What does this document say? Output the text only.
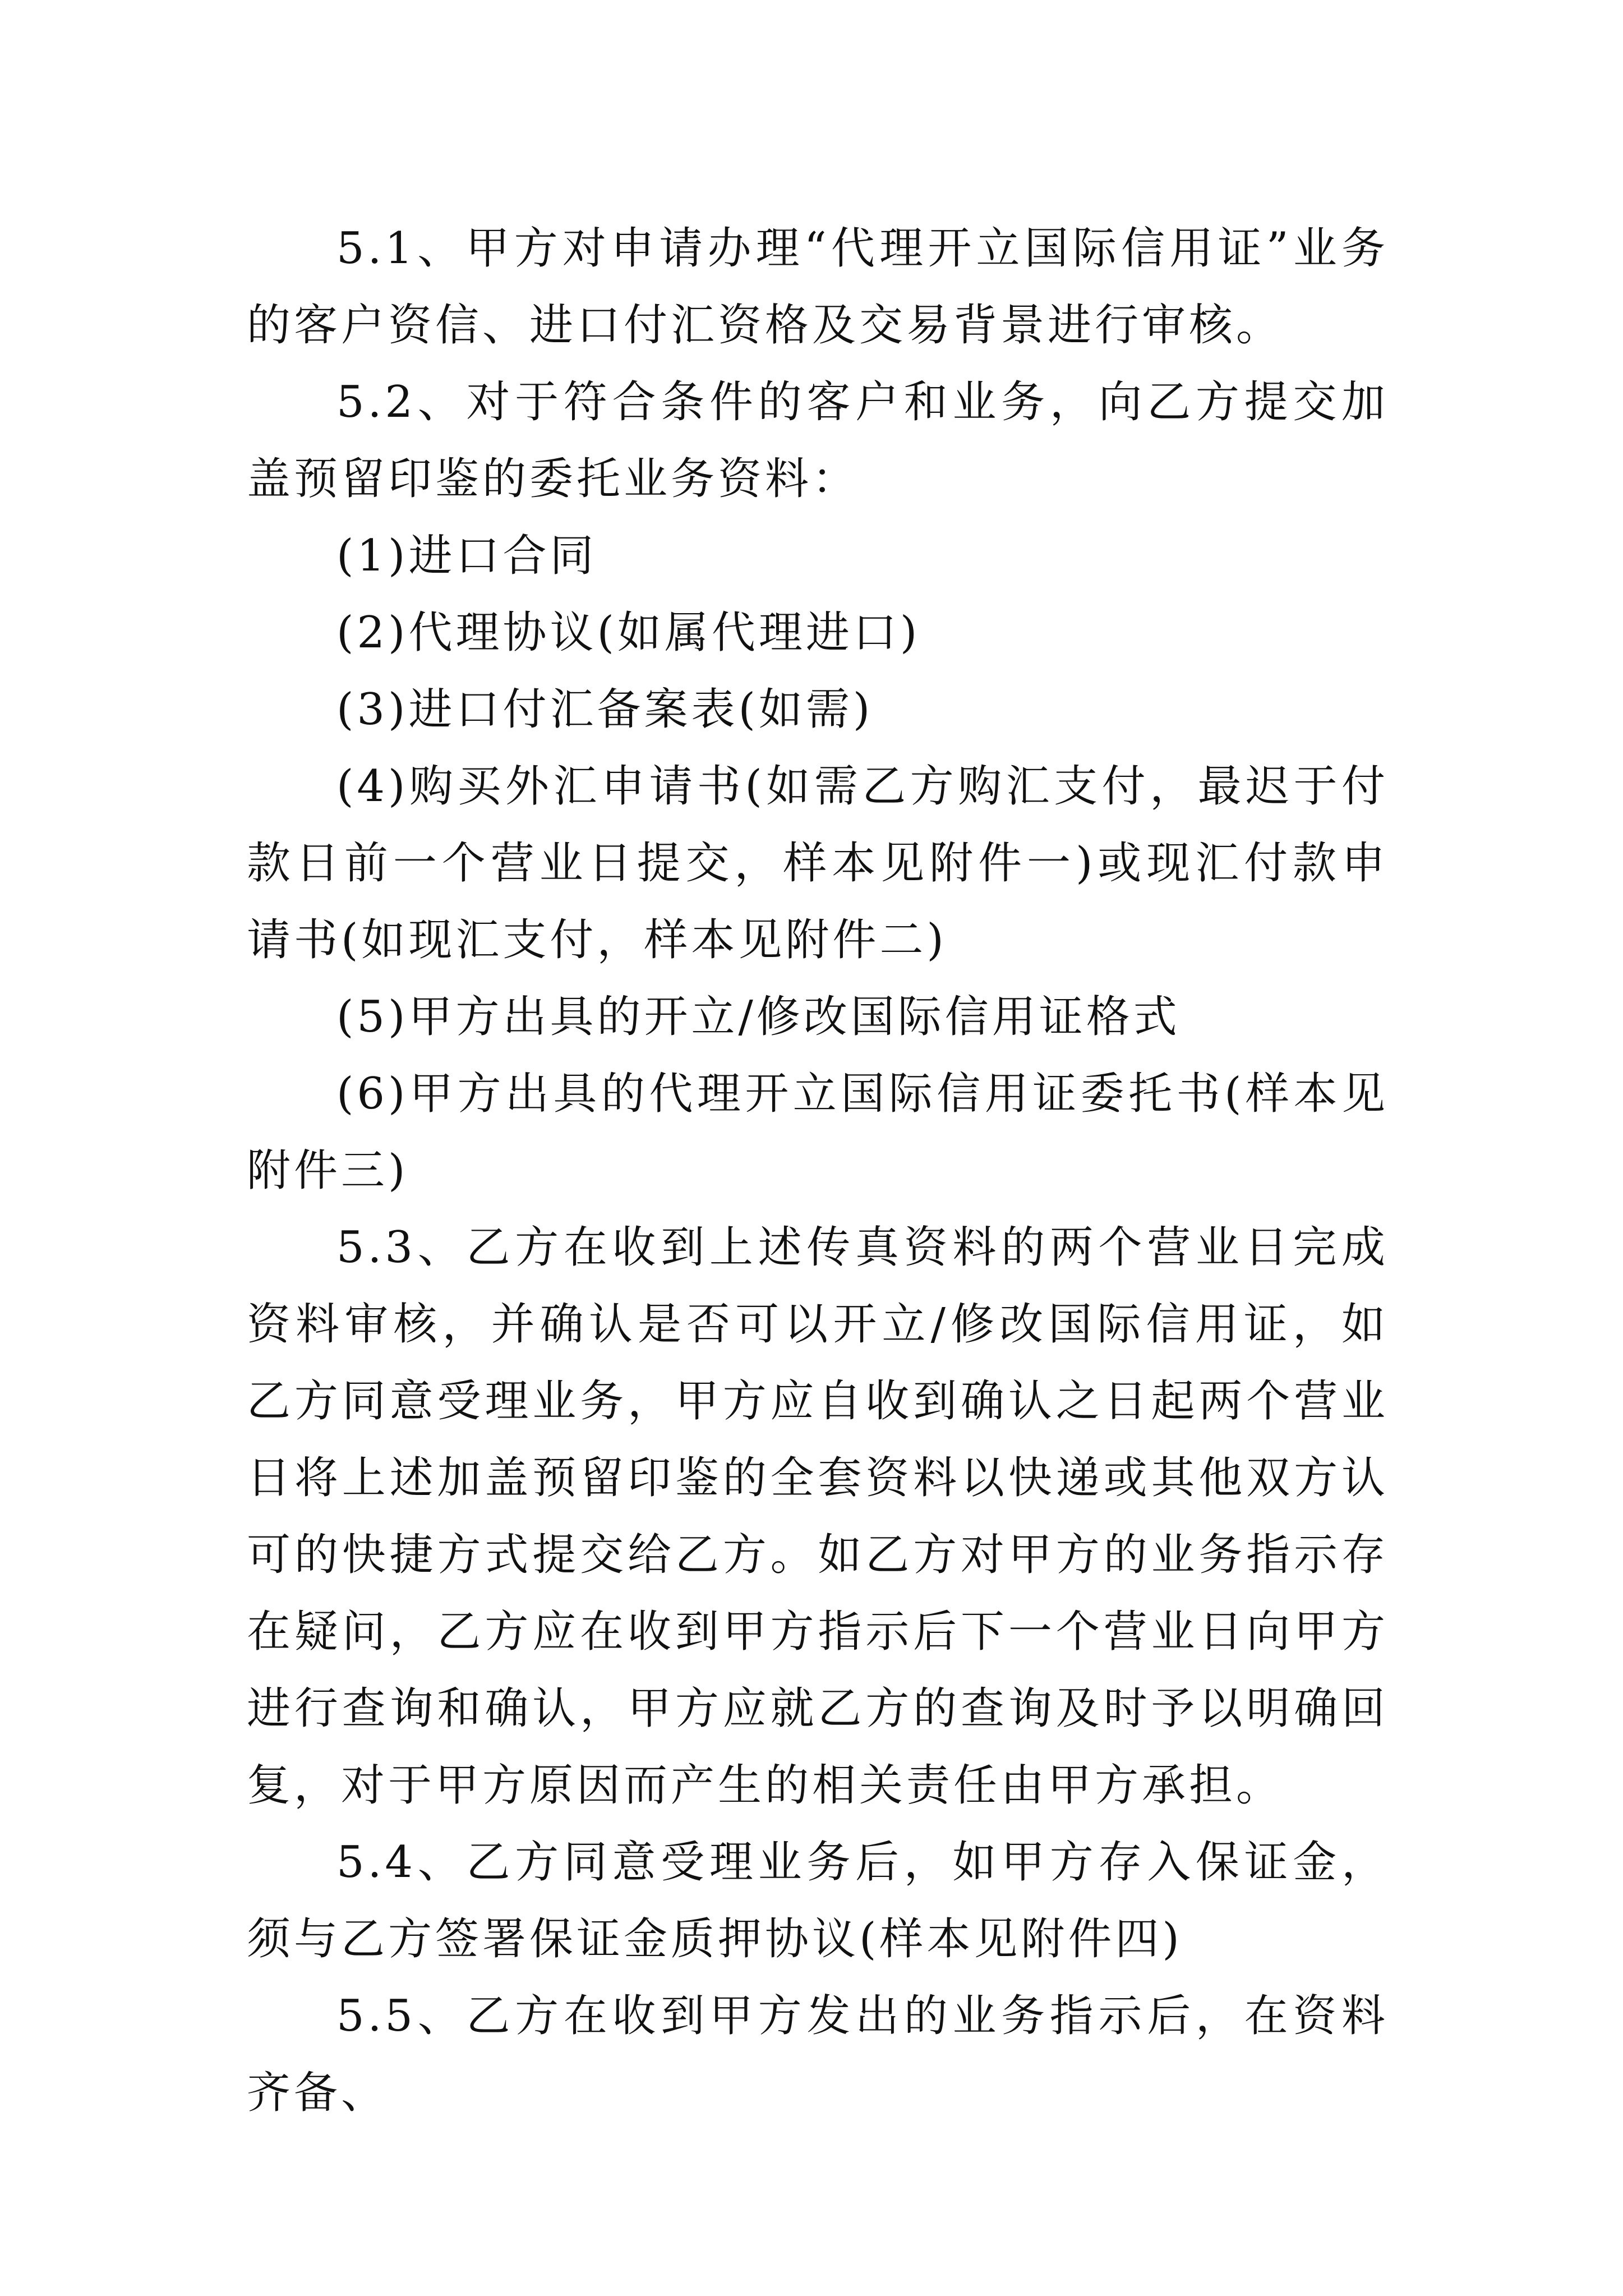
5.1、甲方对申请办理“代理开立国际信用证”业务的客户资信、进口付汇资格及交易背景进行审核。

5.2、对于符合条件的客户和业务，向乙方提交加盖预留印鉴的委托业务资料：

(1)进口合同

(2)代理协议(如属代理进口)

(3)进口付汇备案表(如需)

(4)购买外汇申请书(如需乙方购汇支付，最迟于付款日前一个营业日提交，样本见附件一)或现汇付款申请书(如现汇支付，样本见附件二)

(5)甲方出具的开立/修改国际信用证格式

(6)甲方出具的代理开立国际信用证委托书(样本见附件三)

5.3、乙方在收到上述传真资料的两个营业日完成资料审核，并确认是否可以开立/修改国际信用证，如乙方同意受理业务，甲方应自收到确认之日起两个营业日将上述加盖预留印鉴的全套资料以快递或其他双方认可的快捷方式提交给乙方。如乙方对甲方的业务指示存在疑问，乙方应在收到甲方指示后下一个营业日向甲方进行查询和确认，甲方应就乙方的查询及时予以明确回复，对于甲方原因而产生的相关责任由甲方承担。

5.4、乙方同意受理业务后，如甲方存入保证金，须与乙方签署保证金质押协议(样本见附件四)

5.5、乙方在收到甲方发出的业务指示后，在资料齐备、
